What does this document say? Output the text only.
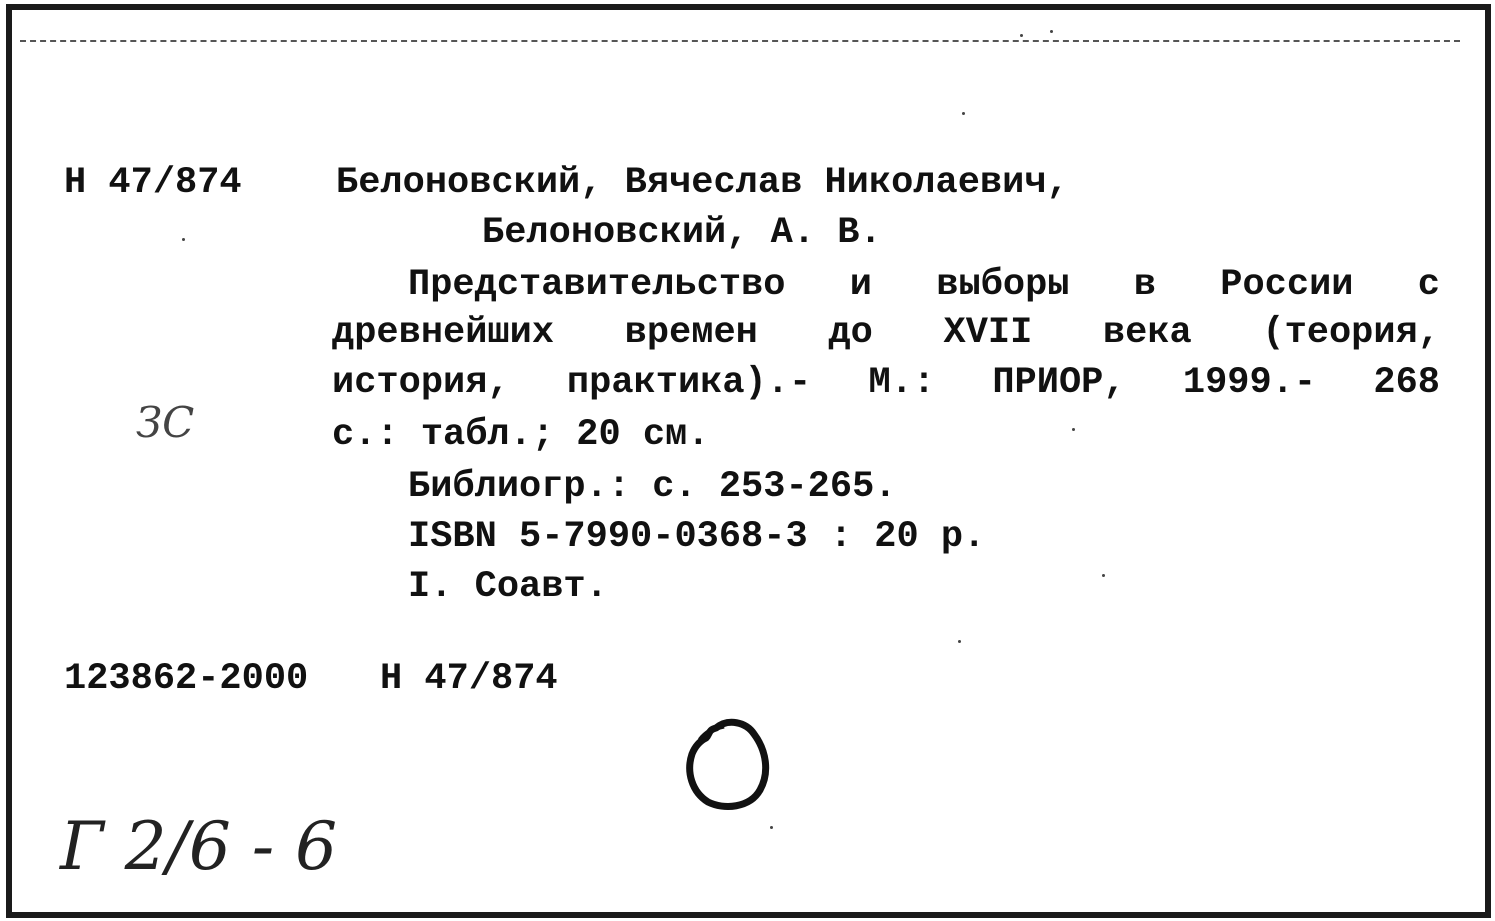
Н 47/874	Белоновский, Вячеслав Николаевич,
Белоновский, А. В.
Представительство и выборы в России с
древнейших времен до XVII века (теория,
история, практика).- М.: ПРИОР, 1999.- 268
с.: табл.; 20 см.
Библиогр.: с. 253-265.
ISBN 5-7990-0368-3 : 20 р.
I. Соавт.
123862-2000 Н 47/874
ЗС
Г 2/6 - 6
